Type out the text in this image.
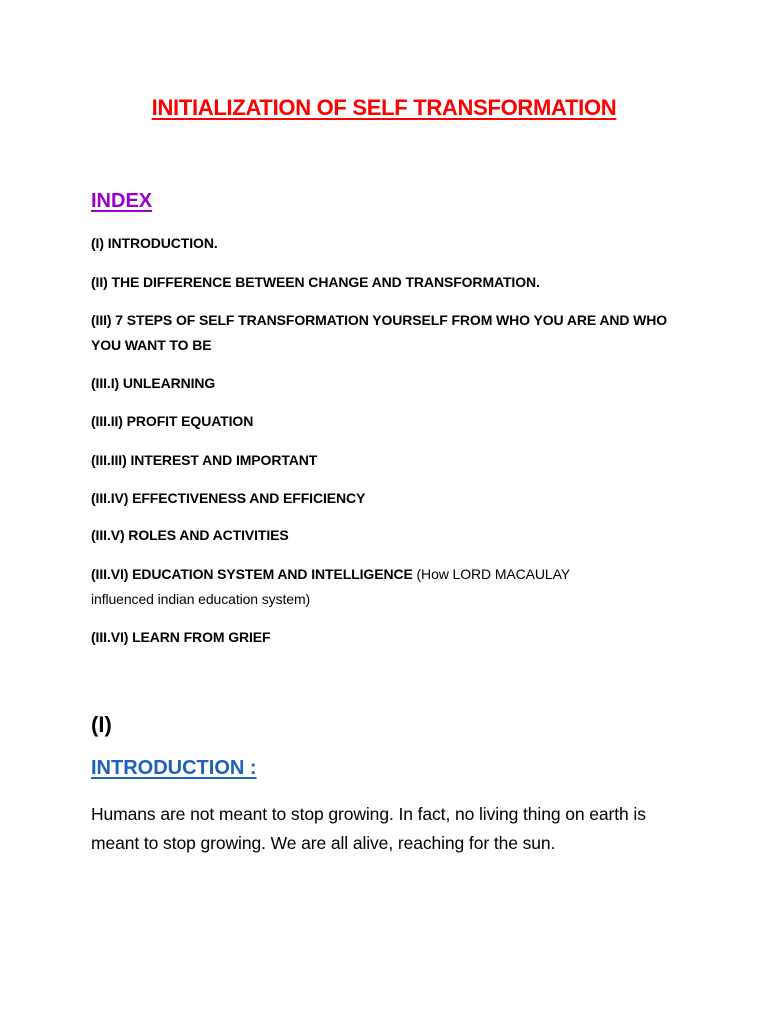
INITIALIZATION OF SELF TRANSFORMATION
INDEX
(I) INTRODUCTION.
(II) THE DIFFERENCE BETWEEN CHANGE AND TRANSFORMATION.
(III) 7 STEPS OF SELF TRANSFORMATION YOURSELF FROM WHO YOU ARE AND WHO YOU WANT TO BE
(III.I) UNLEARNING
(III.II) PROFIT EQUATION
(III.III) INTEREST AND IMPORTANT
(III.IV) EFFECTIVENESS AND EFFICIENCY
(III.V) ROLES AND ACTIVITIES
(III.VI) EDUCATION SYSTEM AND INTELLIGENCE (How LORD MACAULAY influenced indian education system)
(III.VI) LEARN FROM GRIEF
(I)
INTRODUCTION :
Humans are not meant to stop growing. In fact, no living thing on earth is meant to stop growing. We are all alive, reaching for the sun.
